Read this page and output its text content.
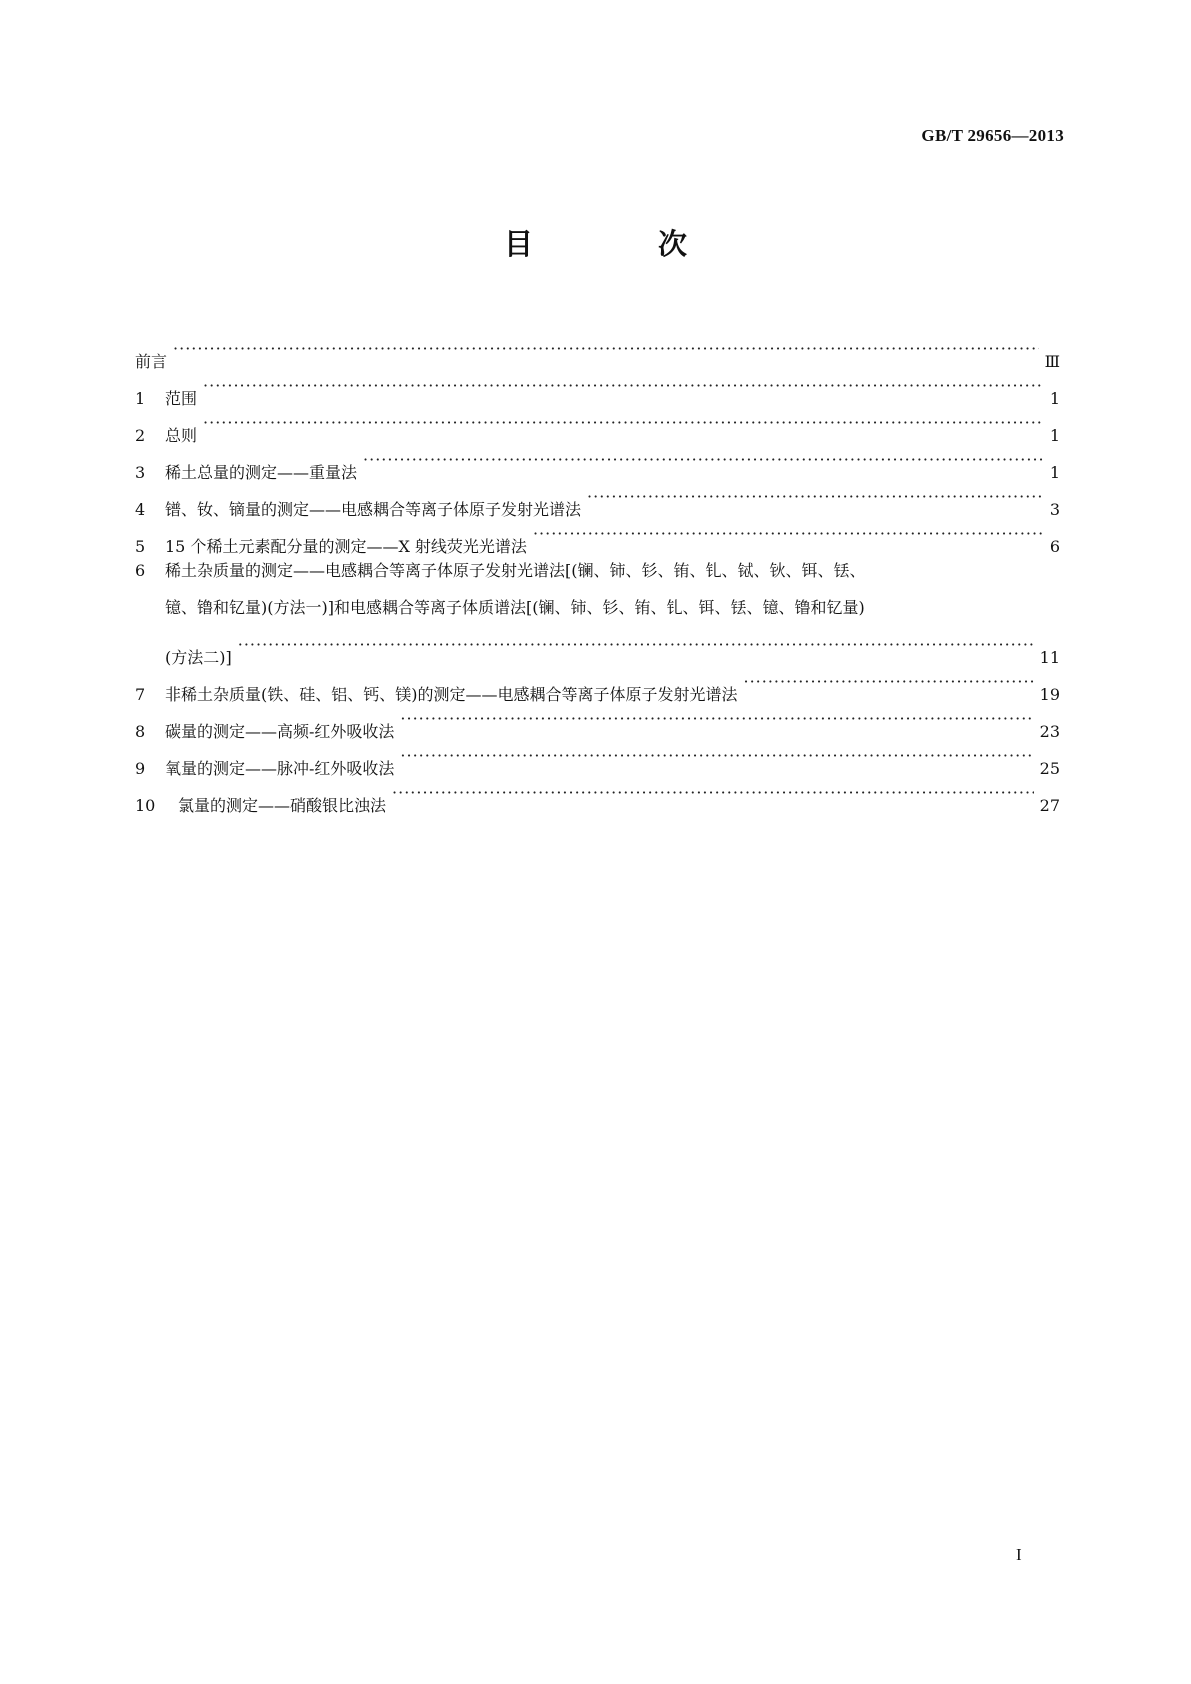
GB/T 29656—2013
目　次
前言 ·····	Ⅲ
1	范围 ·····	1
2	总则 ·····	1
3	稀土总量的测定——重量法 ·····	1
4	镨、钕、镝量的测定——电感耦合等离子体原子发射光谱法 ·····	3
5	15 个稀土元素配分量的测定——X 射线荧光光谱法 ·····	6
6	稀土杂质量的测定——电感耦合等离子体原子发射光谱法[(镧、铈、钐、铕、钆、铽、钬、铒、铥、
镱、镥和钇量)(方法一)]和电感耦合等离子体质谱法[(镧、铈、钐、铕、钆、铒、铥、镱、镥和钇量)
(方法二)] ·····	11
7	非稀土杂质量(铁、硅、铝、钙、镁)的测定——电感耦合等离子体原子发射光谱法 ·····	19
8	碳量的测定——高频-红外吸收法 ·····	23
9	氧量的测定——脉冲-红外吸收法 ·····	25
10	氯量的测定——硝酸银比浊法 ·····	27
I
